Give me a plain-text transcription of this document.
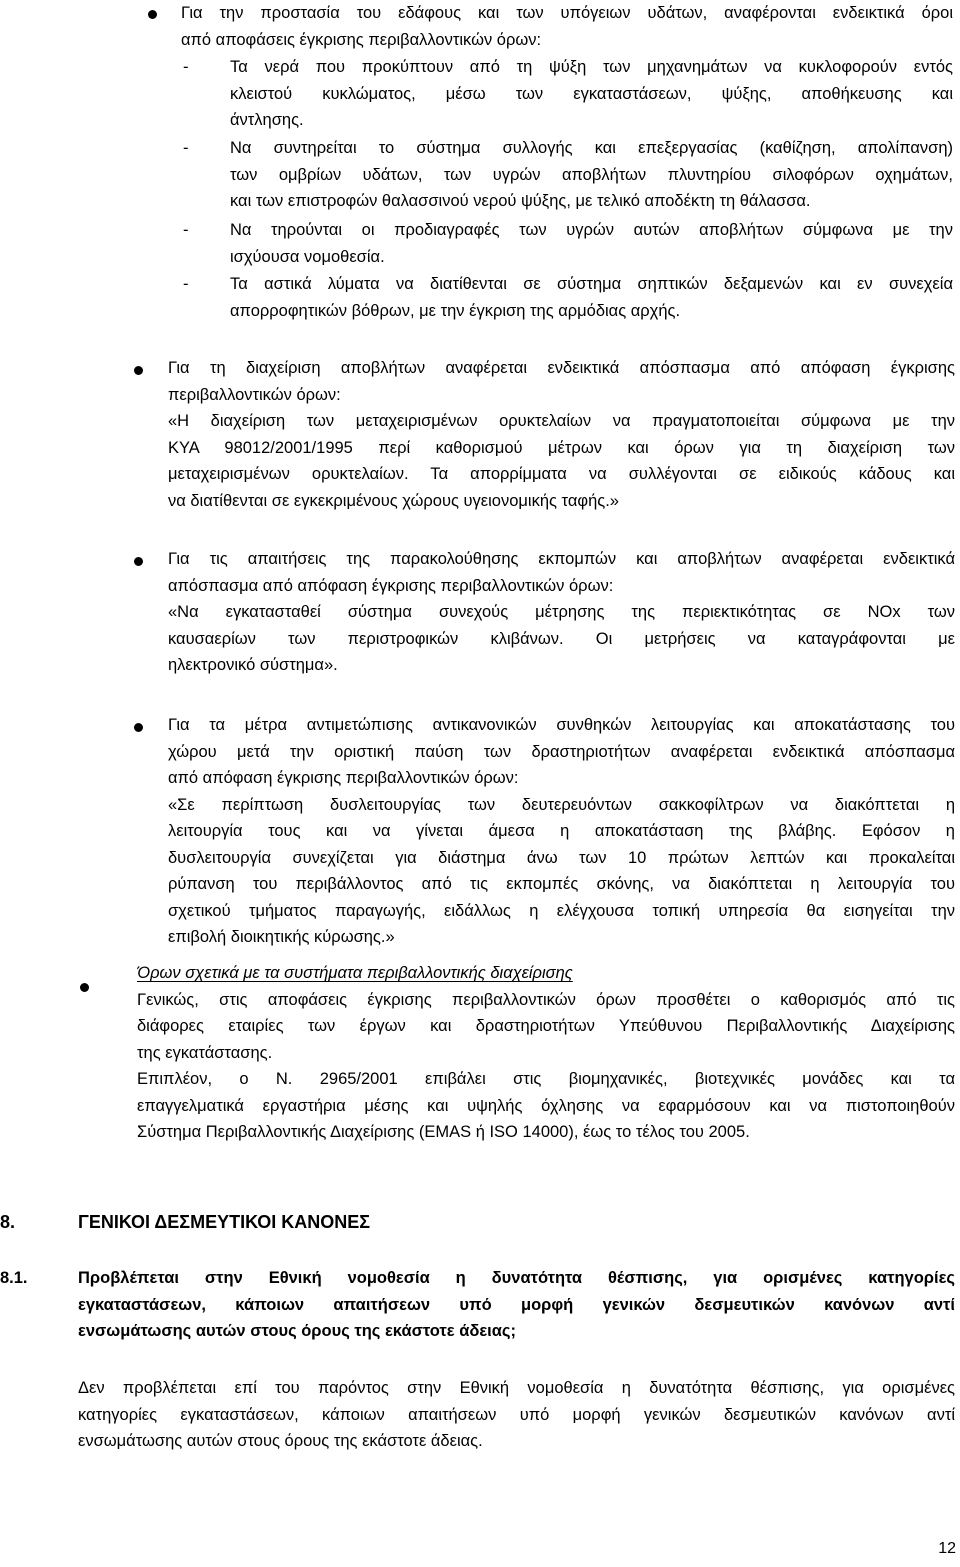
Για την προστασία του εδάφους και των υπόγειων υδάτων, αναφέρονται ενδεικτικά όροι
από αποφάσεις έγκρισης περιβαλλοντικών όρων:
-	Τα νερά που προκύπτουν από τη ψύξη των μηχανημάτων να κυκλοφορούν εντός
κλειστού κυκλώματος, μέσω των εγκαταστάσεων, ψύξης, αποθήκευσης και
άντλησης.
-	Να συντηρείται το σύστημα συλλογής και επεξεργασίας (καθίζηση, απολίπανση)
των ομβρίων υδάτων, των υγρών αποβλήτων πλυντηρίου σιλοφόρων οχημάτων,
και των επιστροφών θαλασσινού νερού ψύξης, με τελικό αποδέκτη τη θάλασσα.
-	Να τηρούνται οι προδιαγραφές των υγρών αυτών αποβλήτων σύμφωνα με την
ισχύουσα νομοθεσία.
-	Τα αστικά λύματα να διατίθενται σε σύστημα σηπτικών δεξαμενών και εν συνεχεία
απορροφητικών βόθρων, με την έγκριση της αρμόδιας αρχής.
Για τη διαχείριση αποβλήτων αναφέρεται ενδεικτικά απόσπασμα από απόφαση έγκρισης
περιβαλλοντικών όρων:
«Η διαχείριση των μεταχειρισμένων ορυκτελαίων να πραγματοποιείται σύμφωνα με την
ΚΥΑ 98012/2001/1995 περί καθορισμού μέτρων και όρων για τη διαχείριση των
μεταχειρισμένων ορυκτελαίων. Τα απορρίμματα να συλλέγονται σε ειδικούς κάδους και
να διατίθενται σε εγκεκριμένους χώρους υγειονομικής ταφής.»
Για τις απαιτήσεις της παρακολούθησης εκπομπών και αποβλήτων αναφέρεται ενδεικτικά
απόσπασμα από απόφαση έγκρισης περιβαλλοντικών όρων:
«Να εγκατασταθεί σύστημα συνεχούς μέτρησης της περιεκτικότητας σε ΝΟx των
καυσαερίων των περιστροφικών κλιβάνων. Οι μετρήσεις να καταγράφονται με
ηλεκτρονικό σύστημα».
Για τα μέτρα αντιμετώπισης αντικανονικών συνθηκών λειτουργίας και αποκατάστασης του
χώρου μετά την οριστική παύση των δραστηριοτήτων αναφέρεται ενδεικτικά απόσπασμα
από απόφαση έγκρισης περιβαλλοντικών όρων:
«Σε περίπτωση δυσλειτουργίας των δευτερευόντων σακκοφίλτρων να διακόπτεται η
λειτουργία τους και να γίνεται άμεσα η αποκατάσταση της βλάβης. Εφόσον η
δυσλειτουργία συνεχίζεται για διάστημα άνω των 10 πρώτων λεπτών και προκαλείται
ρύπανση του περιβάλλοντος από τις εκπομπές σκόνης, να διακόπτεται η λειτουργία του
σχετικού τμήματος παραγωγής, ειδάλλως η ελέγχουσα τοπική υπηρεσία θα εισηγείται την
επιβολή διοικητικής κύρωσης.»
Όρων σχετικά με τα συστήματα περιβαλλοντικής διαχείρισης
Γενικώς, στις αποφάσεις έγκρισης περιβαλλοντικών όρων προσθέτει ο καθορισμός από τις
διάφορες εταιρίες των έργων και δραστηριοτήτων Υπεύθυνου Περιβαλλοντικής Διαχείρισης
της εγκατάστασης.
Επιπλέον, ο Ν. 2965/2001 επιβάλει στις βιομηχανικές, βιοτεχνικές μονάδες και τα
επαγγελματικά εργαστήρια μέσης και υψηλής όχλησης να εφαρμόσουν και να πιστοποιηθούν
Σύστημα Περιβαλλοντικής Διαχείρισης (EMAS ή ISO 14000), έως το τέλος του 2005.
8.	ΓΕΝΙΚΟΙ ΔΕΣΜΕΥΤΙΚΟΙ ΚΑΝΟΝΕΣ
8.1.	Προβλέπεται στην Εθνική νομοθεσία η δυνατότητα θέσπισης, για ορισμένες κατηγορίες
εγκαταστάσεων, κάποιων απαιτήσεων υπό μορφή γενικών δεσμευτικών κανόνων αντί
ενσωμάτωσης αυτών στους όρους της εκάστοτε άδειας;
Δεν προβλέπεται επί του παρόντος στην Εθνική νομοθεσία η δυνατότητα θέσπισης, για ορισμένες
κατηγορίες εγκαταστάσεων, κάποιων απαιτήσεων υπό μορφή γενικών δεσμευτικών κανόνων αντί
ενσωμάτωσης αυτών στους όρους της εκάστοτε άδειας.
12
